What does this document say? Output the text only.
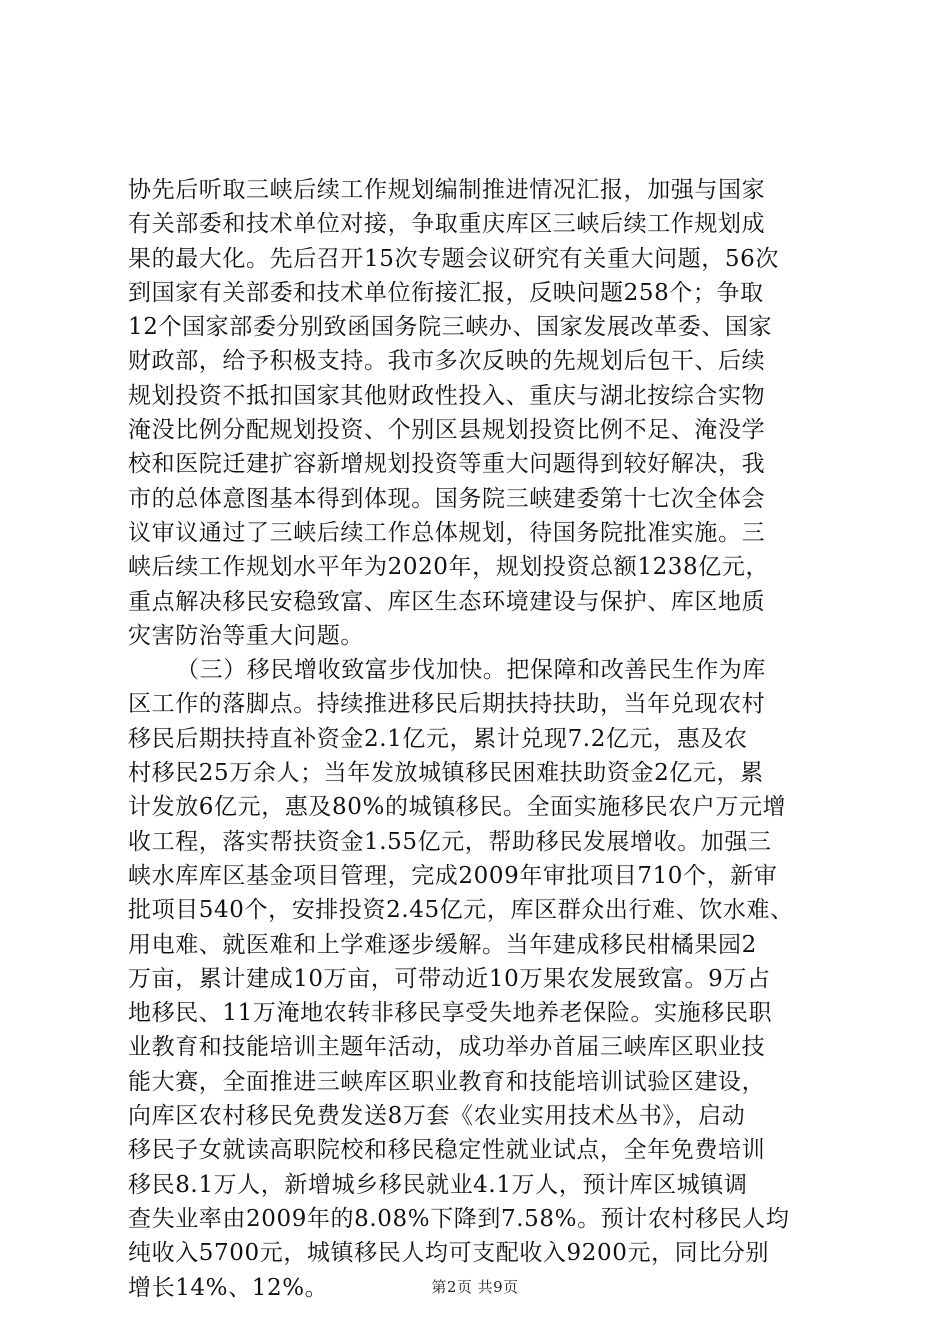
协先后听取三峡后续工作规划编制推进情况汇报，加强与国家
有关部委和技术单位对接，争取重庆库区三峡后续工作规划成
果的最大化。先后召开15次专题会议研究有关重大问题，56次
到国家有关部委和技术单位衔接汇报，反映问题258个；争取
12个国家部委分别致函国务院三峡办、国家发展改革委、国家
财政部，给予积极支持。我市多次反映的先规划后包干、后续
规划投资不抵扣国家其他财政性投入、重庆与湖北按综合实物
淹没比例分配规划投资、个别区县规划投资比例不足、淹没学
校和医院迁建扩容新增规划投资等重大问题得到较好解决，我
市的总体意图基本得到体现。国务院三峡建委第十七次全体会
议审议通过了三峡后续工作总体规划，待国务院批准实施。三
峡后续工作规划水平年为2020年，规划投资总额1238亿元，
重点解决移民安稳致富、库区生态环境建设与保护、库区地质
灾害防治等重大问题。
（三）移民增收致富步伐加快。把保障和改善民生作为库
区工作的落脚点。持续推进移民后期扶持扶助，当年兑现农村
移民后期扶持直补资金2.1亿元，累计兑现7.2亿元，惠及农
村移民25万余人；当年发放城镇移民困难扶助资金2亿元，累
计发放6亿元，惠及80%的城镇移民。全面实施移民农户万元增
收工程，落实帮扶资金1.55亿元，帮助移民发展增收。加强三
峡水库库区基金项目管理，完成2009年审批项目710个，新审
批项目540个，安排投资2.45亿元，库区群众出行难、饮水难、
用电难、就医难和上学难逐步缓解。当年建成移民柑橘果园2
万亩，累计建成10万亩，可带动近10万果农发展致富。9万占
地移民、11万淹地农转非移民享受失地养老保险。实施移民职
业教育和技能培训主题年活动，成功举办首届三峡库区职业技
能大赛，全面推进三峡库区职业教育和技能培训试验区建设，
向库区农村移民免费发送8万套《农业实用技术丛书》，启动
移民子女就读高职院校和移民稳定性就业试点，全年免费培训
移民8.1万人，新增城乡移民就业4.1万人，预计库区城镇调
查失业率由2009年的8.08%下降到7.58%。预计农村移民人均
纯收入5700元，城镇移民人均可支配收入9200元，同比分别
增长14%、12%。	第2页 共9页
